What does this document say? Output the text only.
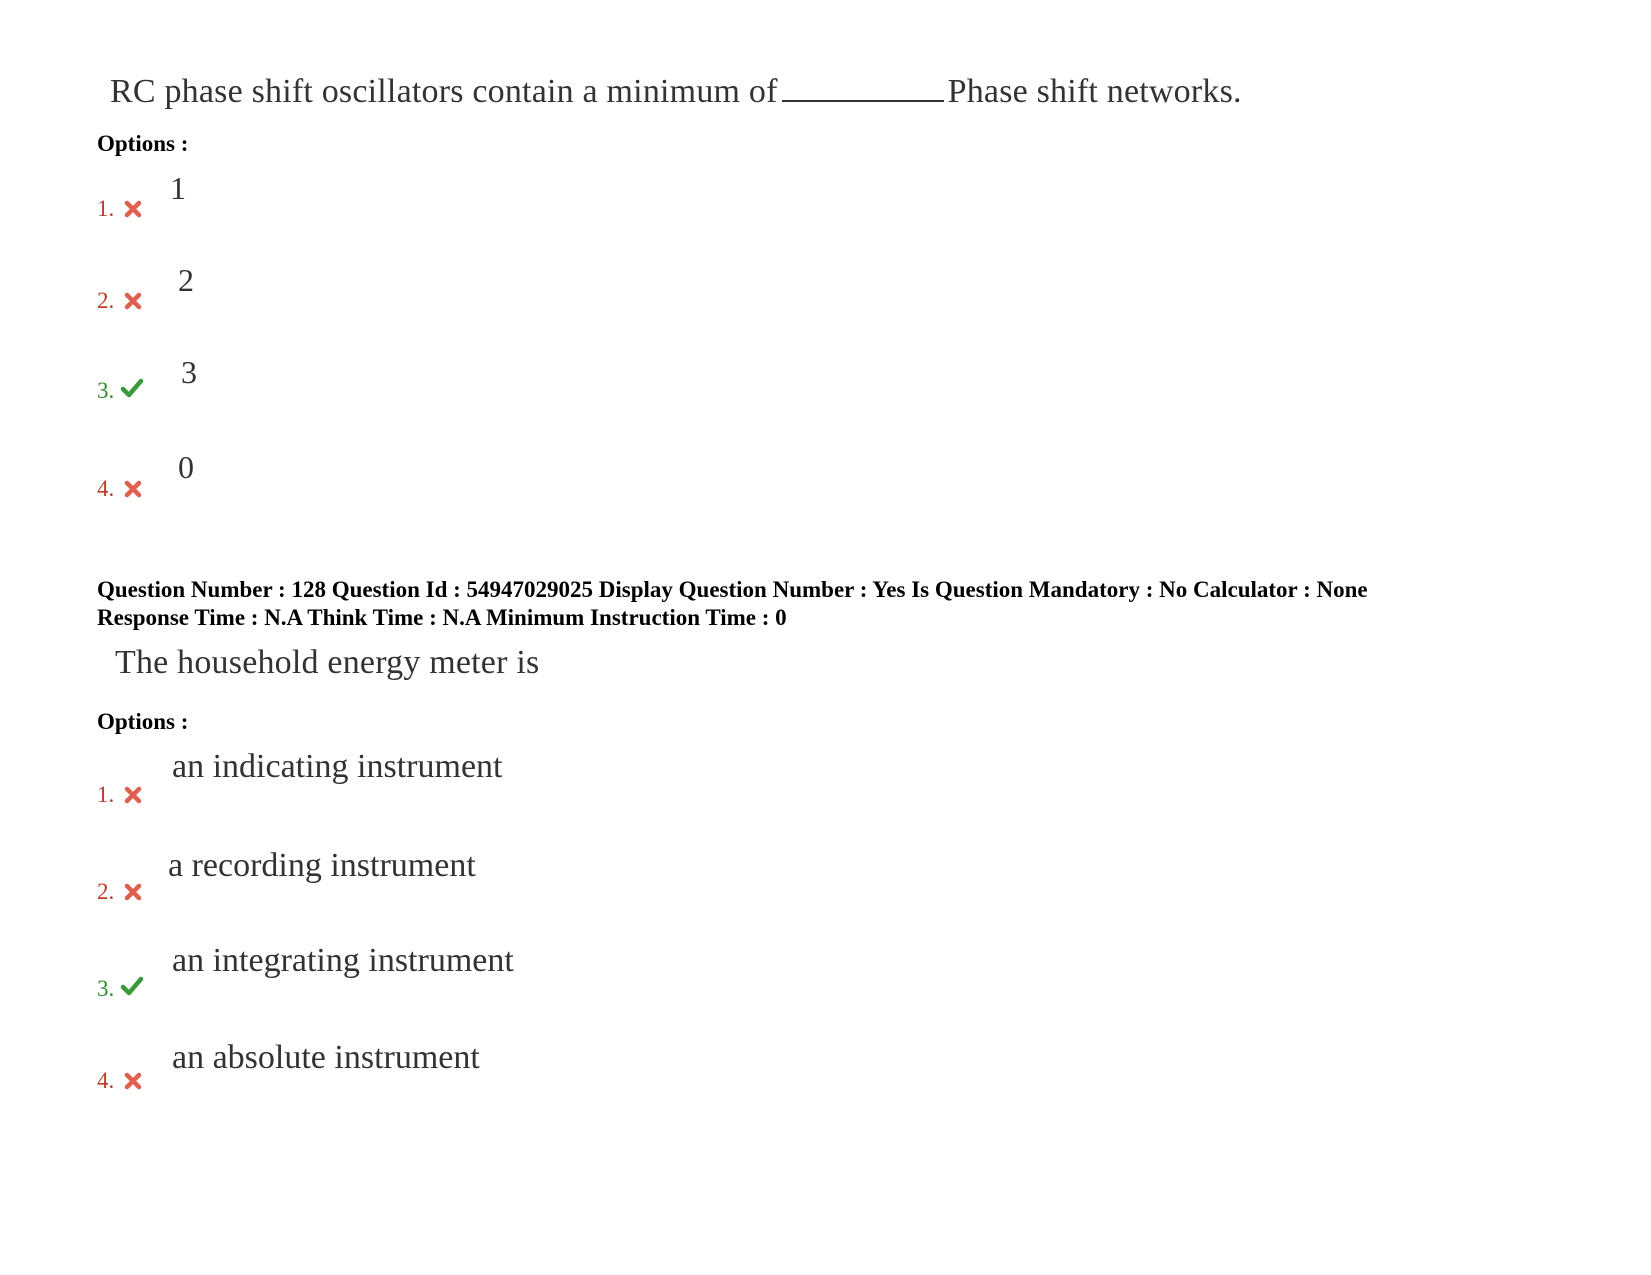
RC phase shift oscillators contain a minimum of	Phase shift networks.
Options :
1.
1
2.
2
3.
3
4.
0
Question Number : 128 Question Id : 54947029025 Display Question Number : Yes Is Question Mandatory : No Calculator : None
Response Time : N.A Think Time : N.A Minimum Instruction Time : 0
The household energy meter is
Options :
1.
an indicating instrument
2.
a recording instrument
3.
an integrating instrument
4.
an absolute instrument
